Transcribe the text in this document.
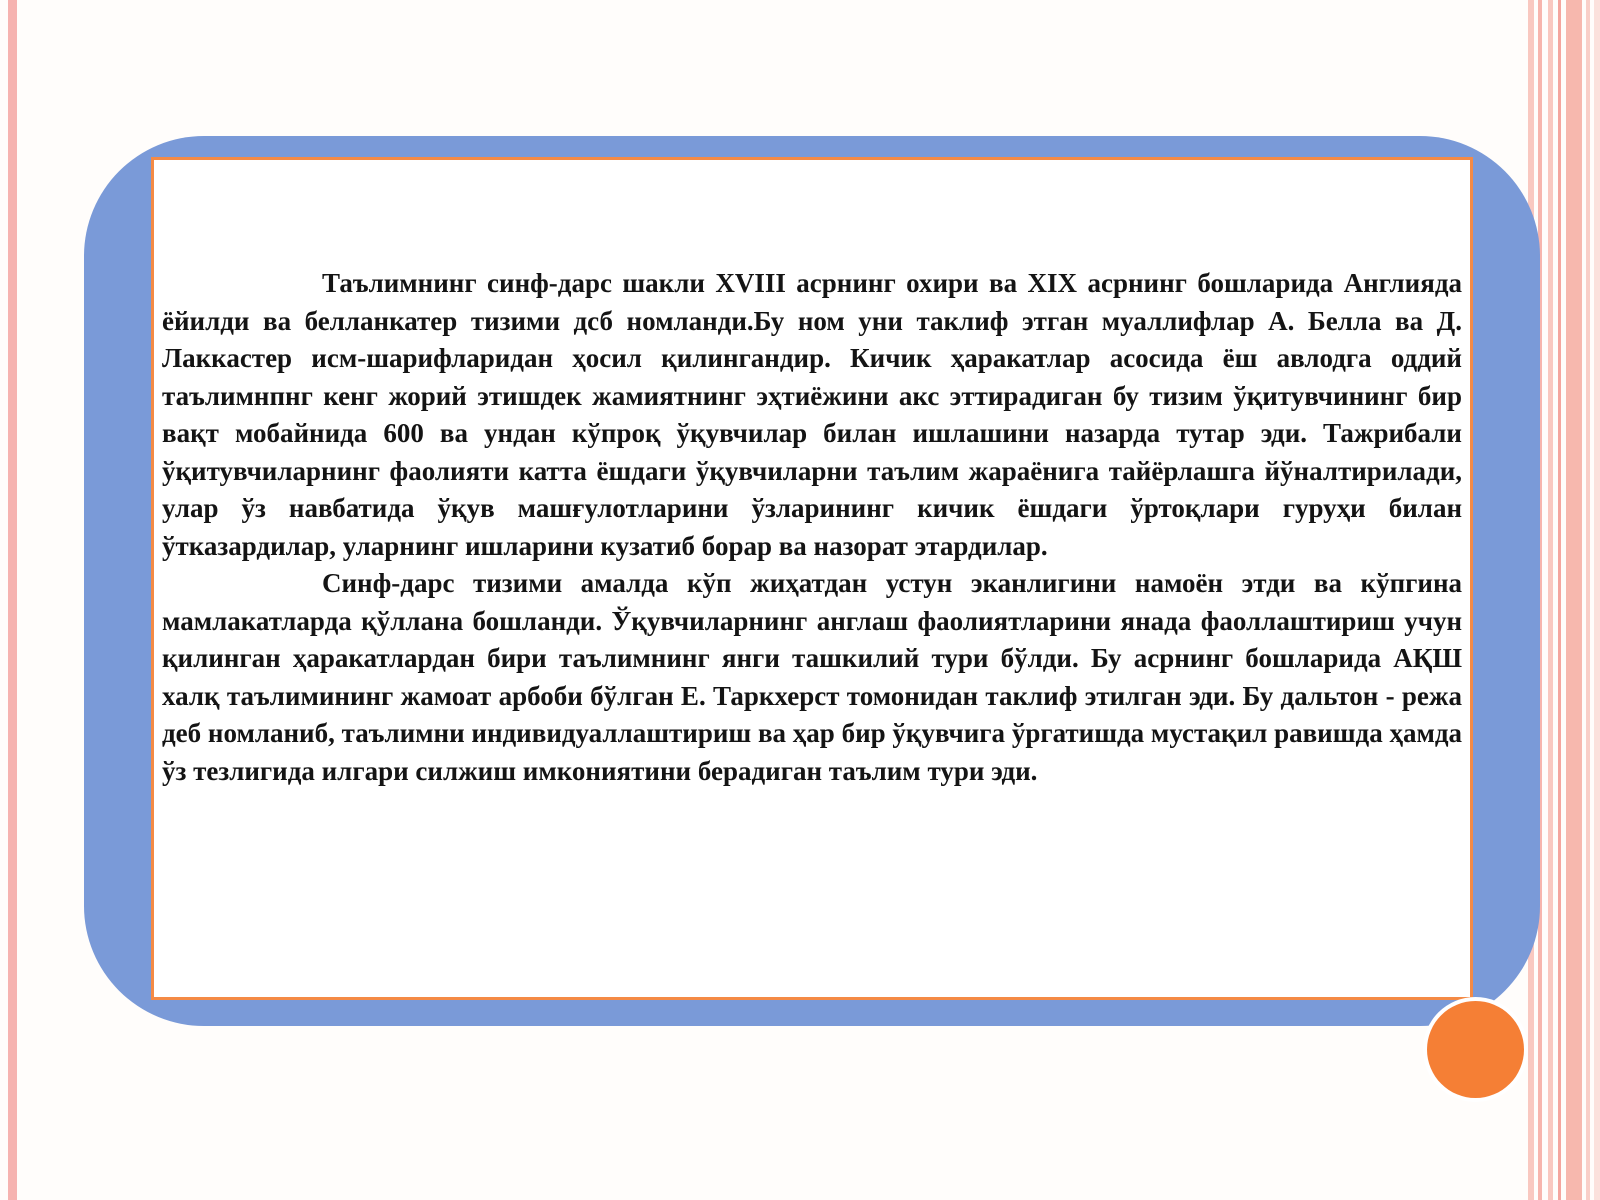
Таълимнинг синф-дарс шакли XVIII асрнинг охири ва XIX асрнинг бошларида Англияда ёйилди ва белланкатер тизими дсб номланди.Бу ном уни таклиф этган муаллифлар А. Белла ва Д. Лаккастер исм-шарифларидан ҳосил қилингандир. Кичик ҳаракатлар асосида ёш авлодга оддий таълимнпнг кенг жорий этишдек жамиятнинг эҳтиёжини акс эттирадиган бу тизим ўқитувчининг бир вақт мобайнида 600 ва ундан кўпроқ ўқувчилар билан ишлашини назарда тутар эди. Тажрибали ўқитувчиларнинг фаолияти катта ёшдаги ўқувчиларни таълим жараёнига тайёрлашга йўналтирилади, улар ўз навбатида ўқув машғулотларини ўзларининг кичик ёшдаги ўртоқлари гуруҳи билан ўтказардилар, уларнинг ишларини кузатиб борар ва назорат этардилар.

Синф-дарс тизими амалда кўп жиҳатдан устун эканлигини намоён этди ва кўпгина мамлакатларда қўллана бошланди. Ўқувчиларнинг англаш фаолиятларини янада фаоллаштириш учун қилинган ҳаракатлардан бири таълимнинг янги ташкилий тури бўлди. Бу асрнинг бошларида АҚШ халқ таълимининг жамоат арбоби бўлган Е. Таркхерст томонидан таклиф этилган эди. Бу дальтон - режа деб номланиб, таълимни индивидуаллаштириш ва ҳар бир ўқувчига ўргатишда мустақил равишда ҳамда ўз тезлигида илгари силжиш имкониятини берадиган таълим тури эди.
